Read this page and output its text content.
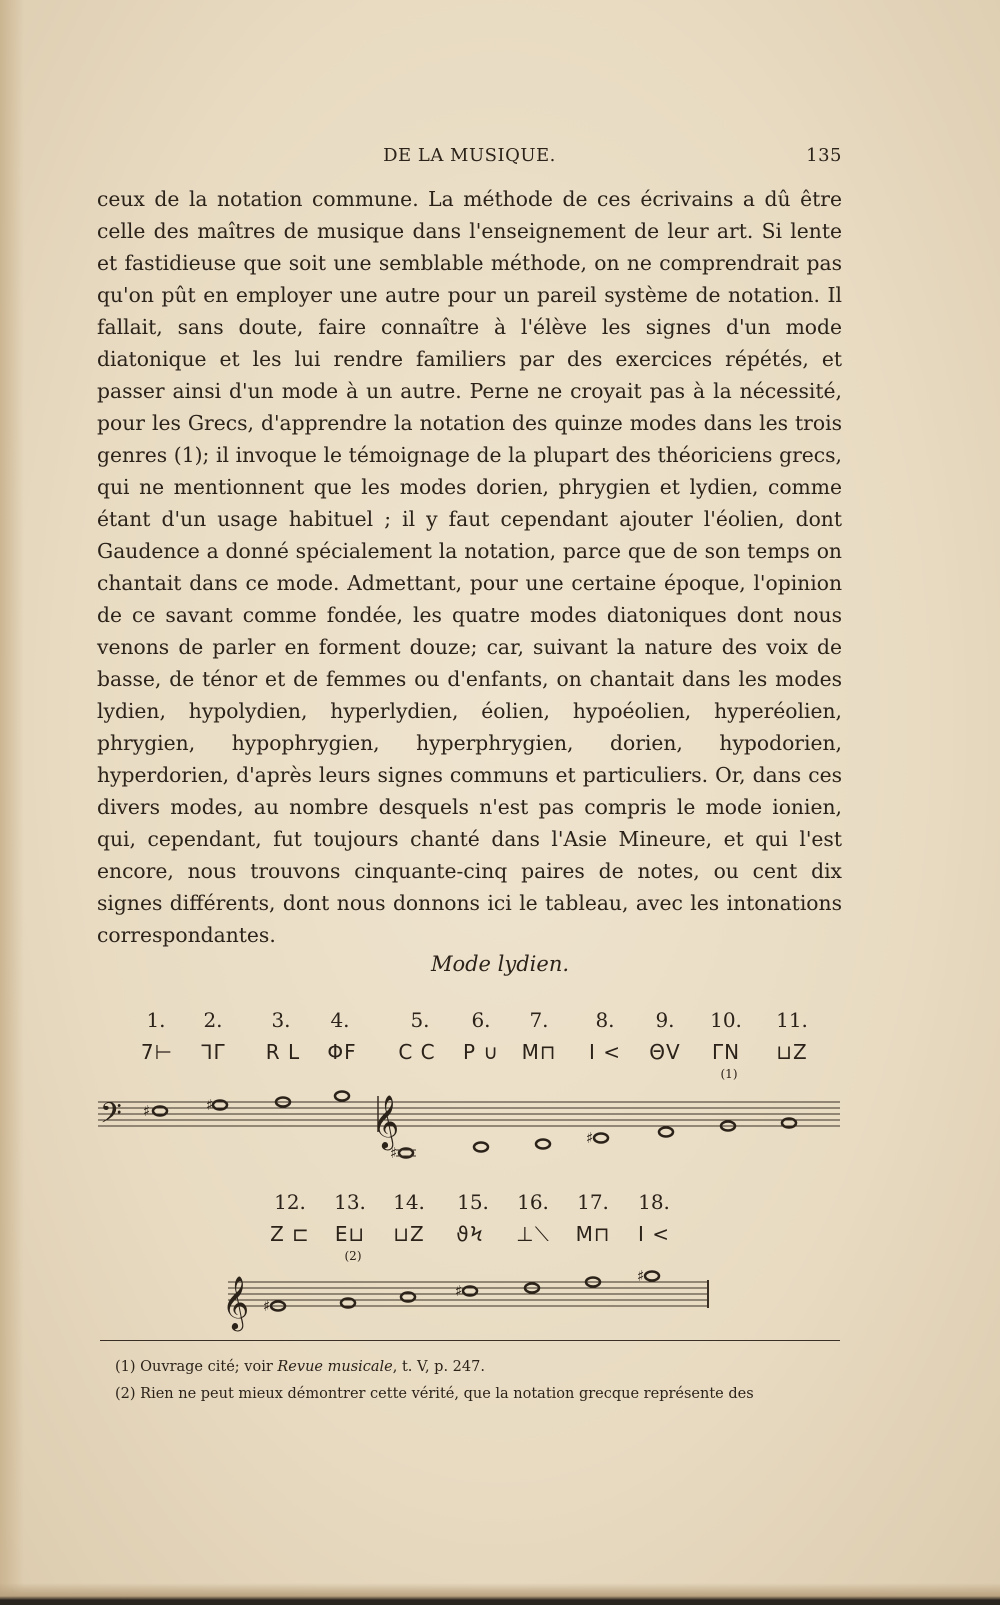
DE LA MUSIQUE.	135

ceux de la notation commune. La méthode de ces écrivains a dû être celle des maîtres de musique dans l'enseignement de leur art. Si lente et fastidieuse que soit une semblable méthode, on ne comprendrait pas qu'on pût en employer une autre pour un pareil système de notation. Il fallait, sans doute, faire connaître à l'élève les signes d'un mode diatonique et les lui rendre familiers par des exercices répétés, et passer ainsi d'un mode à un autre. Perne ne croyait pas à la nécessité, pour les Grecs, d'apprendre la notation des quinze modes dans les trois genres (1); il invoque le témoignage de la plupart des théoriciens grecs, qui ne mentionnent que les modes dorien, phrygien et lydien, comme étant d'un usage habituel ; il y faut cependant ajouter l'éolien, dont Gaudence a donné spécialement la notation, parce que de son temps on chantait dans ce mode. Admettant, pour une certaine époque, l'opinion de ce savant comme fondée, les quatre modes diatoniques dont nous venons de parler en forment douze; car, suivant la nature des voix de basse, de ténor et de femmes ou d'enfants, on chantait dans les modes lydien, hypolydien, hyperlydien, éolien, hypoéolien, hyperéolien, phrygien, hypophrygien, hyperphrygien, dorien, hypodorien, hyperdorien, d'après leurs signes communs et particuliers. Or, dans ces divers modes, au nombre desquels n'est pas compris le mode ionien, qui, cependant, fut toujours chanté dans l'Asie Mineure, et qui l'est encore, nous trouvons cinquante-cinq paires de notes, ou cent dix signes différents, dont nous donnons ici le tableau, avec les intonations correspondantes.

Mode lydien.
1. 2. 3. 4.	5. 6. 7. 8. 9. 10. 11.
7⊢ ᒣΓ R L ΦF C C P ∪ M⊓ I < ΘV ΓN ⊔Z
(1)
𝄢	𝄞
♯	♯
♯
♯
12. 13. 14. 15. 16. 17. 18.
Z ⊏ E⊔ ⊔Z ϑϞ ⊥⟍ M⊓ I <
(2)
𝄞 ♯
♯
♯
(1) Ouvrage cité; voir Revue musicale, t. V, p. 247.
(2) Rien ne peut mieux démontrer cette vérité, que la notation grecque représente des
